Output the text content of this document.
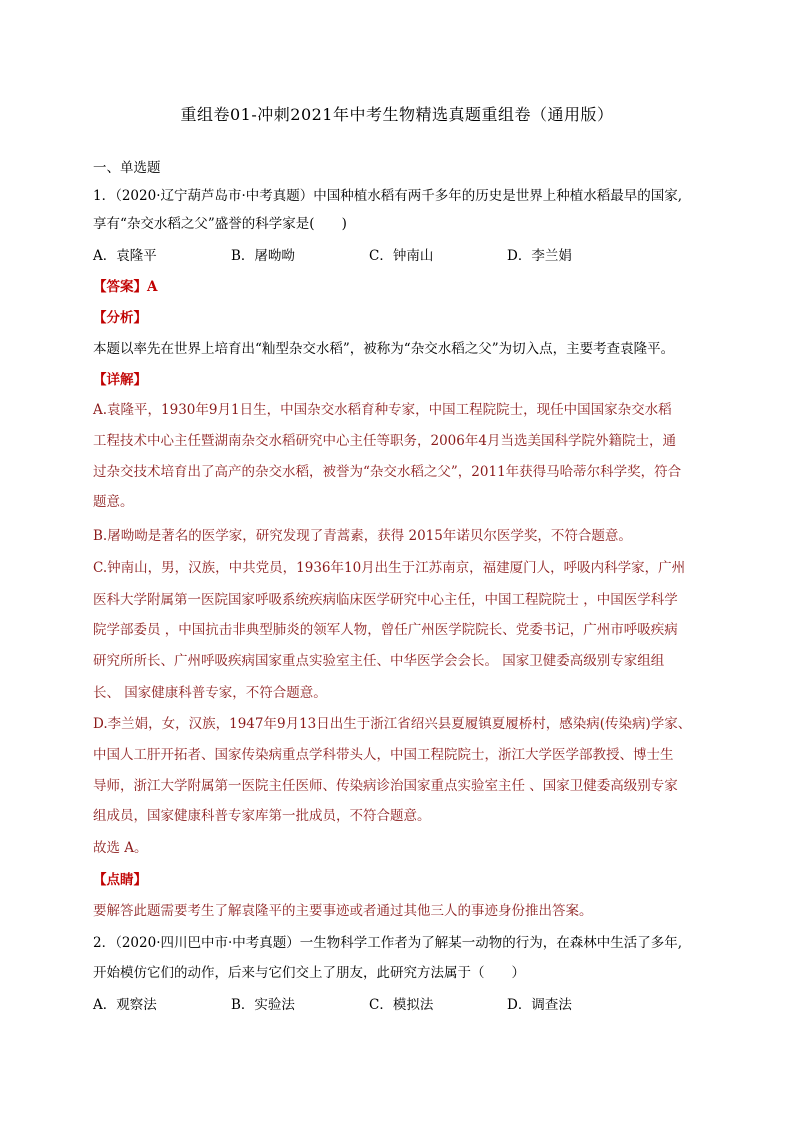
重组卷01-冲刺2021年中考生物精选真题重组卷（通用版）
一、单选题
1．（2020·辽宁葫芦岛市·中考真题）中国种植水稻有两千多年的历史是世界上种植水稻最早的国家,
享有“杂交水稻之父”盛誉的科学家是(　　)
A．袁隆平	B．屠呦呦	C．钟南山	D．李兰娟
【答案】A
【分析】
本题以率先在世界上培育出“籼型杂交水稻”，被称为“杂交水稻之父”为切入点，主要考查袁隆平。
【详解】
A.袁隆平，1930年9月1日生，中国杂交水稻育种专家，中国工程院院士，现任中国国家杂交水稻
工程技术中心主任暨湖南杂交水稻研究中心主任等职务，2006年4月当选美国科学院外籍院士，通
过杂交技术培育出了高产的杂交水稻，被誉为“杂交水稻之父”，2011年获得马哈蒂尔科学奖，符合
题意。
B.屠呦呦是著名的医学家，研究发现了青蒿素，获得 2015年诺贝尔医学奖，不符合题意。
C.钟南山，男，汉族，中共党员，1936年10月出生于江苏南京，福建厦门人，呼吸内科学家，广州
医科大学附属第一医院国家呼吸系统疾病临床医学研究中心主任，中国工程院院士 ，中国医学科学
院学部委员 ，中国抗击非典型肺炎的领军人物，曾任广州医学院院长、党委书记，广州市呼吸疾病
研究所所长、广州呼吸疾病国家重点实验室主任、中华医学会会长。 国家卫健委高级别专家组组
长、 国家健康科普专家，不符合题意。
D.李兰娟，女，汉族，1947年9月13日出生于浙江省绍兴县夏履镇夏履桥村，感染病(传染病)学家、
中国人工肝开拓者、国家传染病重点学科带头人，中国工程院院士，浙江大学医学部教授、博士生
导师，浙江大学附属第一医院主任医师、传染病诊治国家重点实验室主任 、国家卫健委高级别专家
组成员，国家健康科普专家库第一批成员，不符合题意。
故选 A。
【点睛】
要解答此题需要考生了解袁隆平的主要事迹或者通过其他三人的事迹身份推出答案。
2．（2020·四川巴中市·中考真题）一生物科学工作者为了解某一动物的行为，在森林中生活了多年,
开始模仿它们的动作，后来与它们交上了朋友，此研究方法属于（　　）
A．观察法	B．实验法	C．模拟法	D．调查法
